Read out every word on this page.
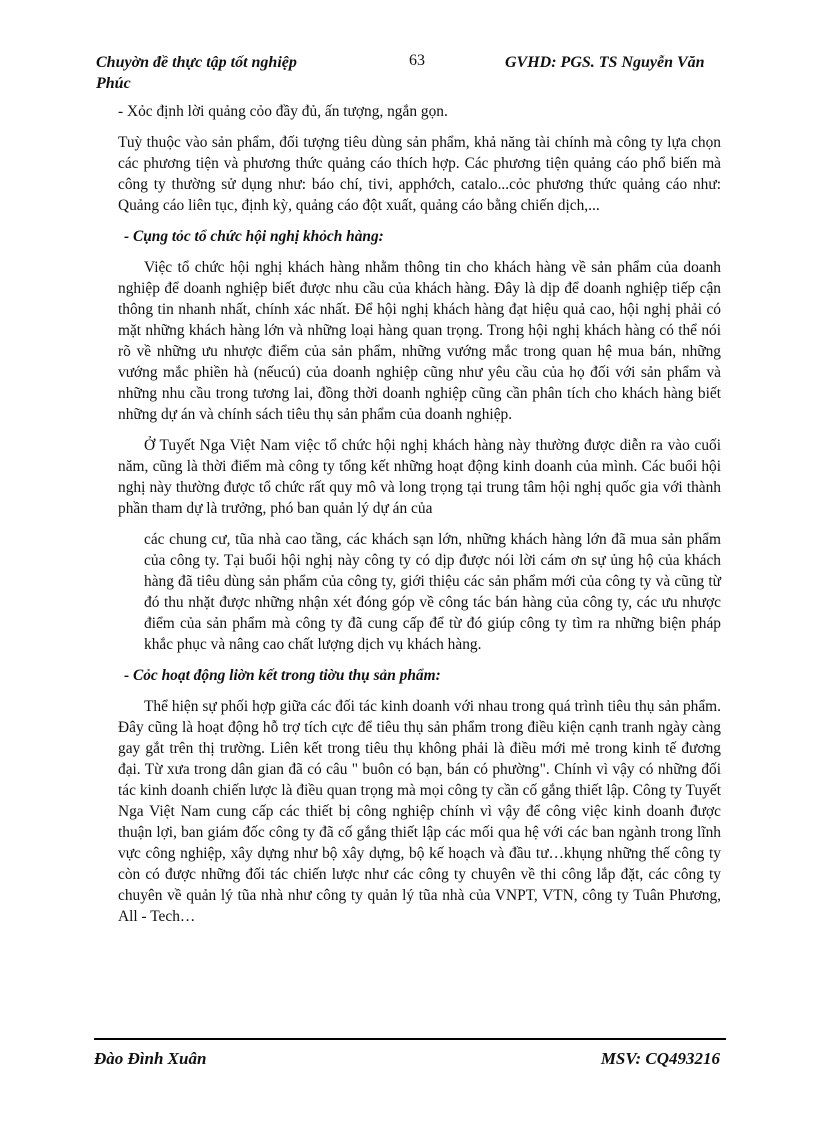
Chuyờn đề thực tập tốt nghiệp
Phúc
63	GVHD: PGS. TS Nguyễn Văn

- Xỏc định lời quảng cỏo đầy đủ, ấn tượng, ngắn gọn.

Tuỳ thuộc vào sản phẩm, đối tượng tiêu dùng sản phẩm, khả năng tài chính mà công ty lựa chọn các phương tiện và phương thức quảng cáo thích hợp. Các phương tiện quảng cáo phổ biến mà công ty thường sử dụng như: báo chí, tivi, apphớch, catalo...cỏc phương thức quảng cáo như: Quảng cáo liên tục, định kỳ, quảng cáo đột xuất, quảng cáo bằng chiến dịch,...

- Cụng tỏc tổ chức hội nghị khỏch hàng:

Việc tổ chức hội nghị khách hàng nhằm thông tin cho khách hàng về sản phẩm của doanh nghiệp để doanh nghiệp biết được nhu cầu của khách hàng. Đây là dịp để doanh nghiệp tiếp cận thông tin nhanh nhất, chính xác nhất. Để hội nghị khách hàng đạt hiệu quả cao, hội nghị phải có mặt những khách hàng lớn và những loại hàng quan trọng. Trong hội nghị khách hàng có thể nói rõ về những ưu nhược điểm của sản phẩm, những vướng mắc trong quan hệ mua bán, những vướng mắc phiền hà (nếucú) của doanh nghiệp cũng như yêu cầu của họ đối với sản phẩm và những nhu cầu trong tương lai, đồng thời doanh nghiệp cũng cần phân tích cho khách hàng biết những dự án và chính sách tiêu thụ sản phẩm của doanh nghiệp.

Ở Tuyết Nga Việt Nam việc tổ chức hội nghị khách hàng này thường được diễn ra vào cuối năm, cũng là thời điểm mà công ty tổng kết những hoạt động kinh doanh của mình. Các buổi hội nghị này thường được tổ chức rất quy mô và long trọng tại trung tâm hội nghị quốc gia với thành phần tham dự là trưởng, phó ban quản lý dự án của

các chung cư, tũa nhà cao tầng, các khách sạn lớn, những khách hàng lớn đã mua sản phẩm của công ty. Tại buổi hội nghị này công ty có dịp được nói lời cám ơn sự ủng hộ của khách hàng đã tiêu dùng sản phẩm của công ty, giới thiệu các sản phẩm mới của công ty và cũng từ đó thu nhặt được những nhận xét đóng góp về công tác bán hàng của công ty, các ưu nhược điểm của sản phẩm mà công ty đã cung cấp để từ đó giúp công ty tìm ra những biện pháp khắc phục và nâng cao chất lượng dịch vụ khách hàng.

- Cỏc hoạt động liờn kết trong tiờu thụ sản phẩm:

Thể hiện sự phối hợp giữa các đối tác kinh doanh với nhau trong quá trình tiêu thụ sản phẩm. Đây cũng là hoạt động hỗ trợ tích cực để tiêu thụ sản phẩm trong điều kiện cạnh tranh ngày càng gay gắt trên thị trường. Liên kết trong tiêu thụ không phải là điều mới mẻ trong kinh tế đương đại. Từ xưa trong dân gian đã có câu " buôn có bạn, bán có phường". Chính vì vậy có những đối tác kinh doanh chiến lược là điều quan trọng mà mọi công ty cần cố gắng thiết lập. Công ty Tuyết Nga Việt Nam cung cấp các thiết bị công nghiệp chính vì vậy để công việc kinh doanh được thuận lợi, ban giám đốc công ty đã cố gắng thiết lập các mối qua hệ với các ban ngành trong lĩnh vực công nghiệp, xây dựng như bộ xây dựng, bộ kế hoạch và đầu tư…khụng những thế công ty còn có được những đối tác chiến lược như các công ty chuyên về thi công lắp đặt, các công ty chuyên về quản lý tũa nhà như công ty quản lý tũa nhà của VNPT, VTN, công ty Tuân Phương, All - Tech…

Đào Đình Xuân	MSV: CQ493216
